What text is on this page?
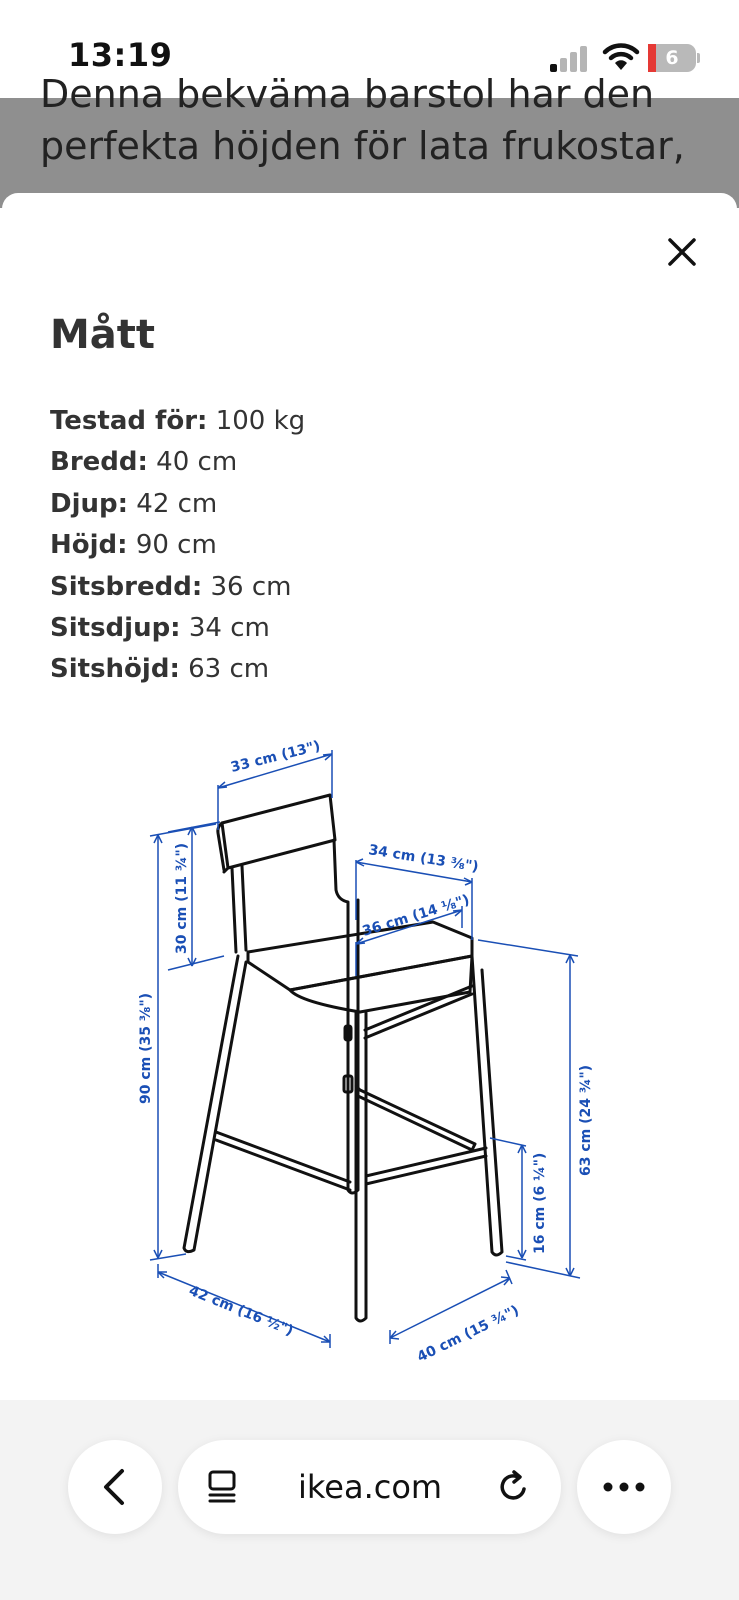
13:19	6
Denna bekväma barstol har den
perfekta höjden för lata frukostar,
Mått
Testad för: 100 kg
Bredd: 40 cm
Djup: 42 cm
Höjd: 90 cm
Sitsbredd: 36 cm
Sitsdjup: 34 cm
Sitshöjd: 63 cm
33 cm (13")
34 cm (13 ⅜")
36 cm (14 ⅛")
30 cm (11 ¾")
90 cm (35 ⅜")
63 cm (24 ¾")
16 cm (6 ¼")
42 cm (16 ½")	40 cm (15 ¾")
ikea.com
